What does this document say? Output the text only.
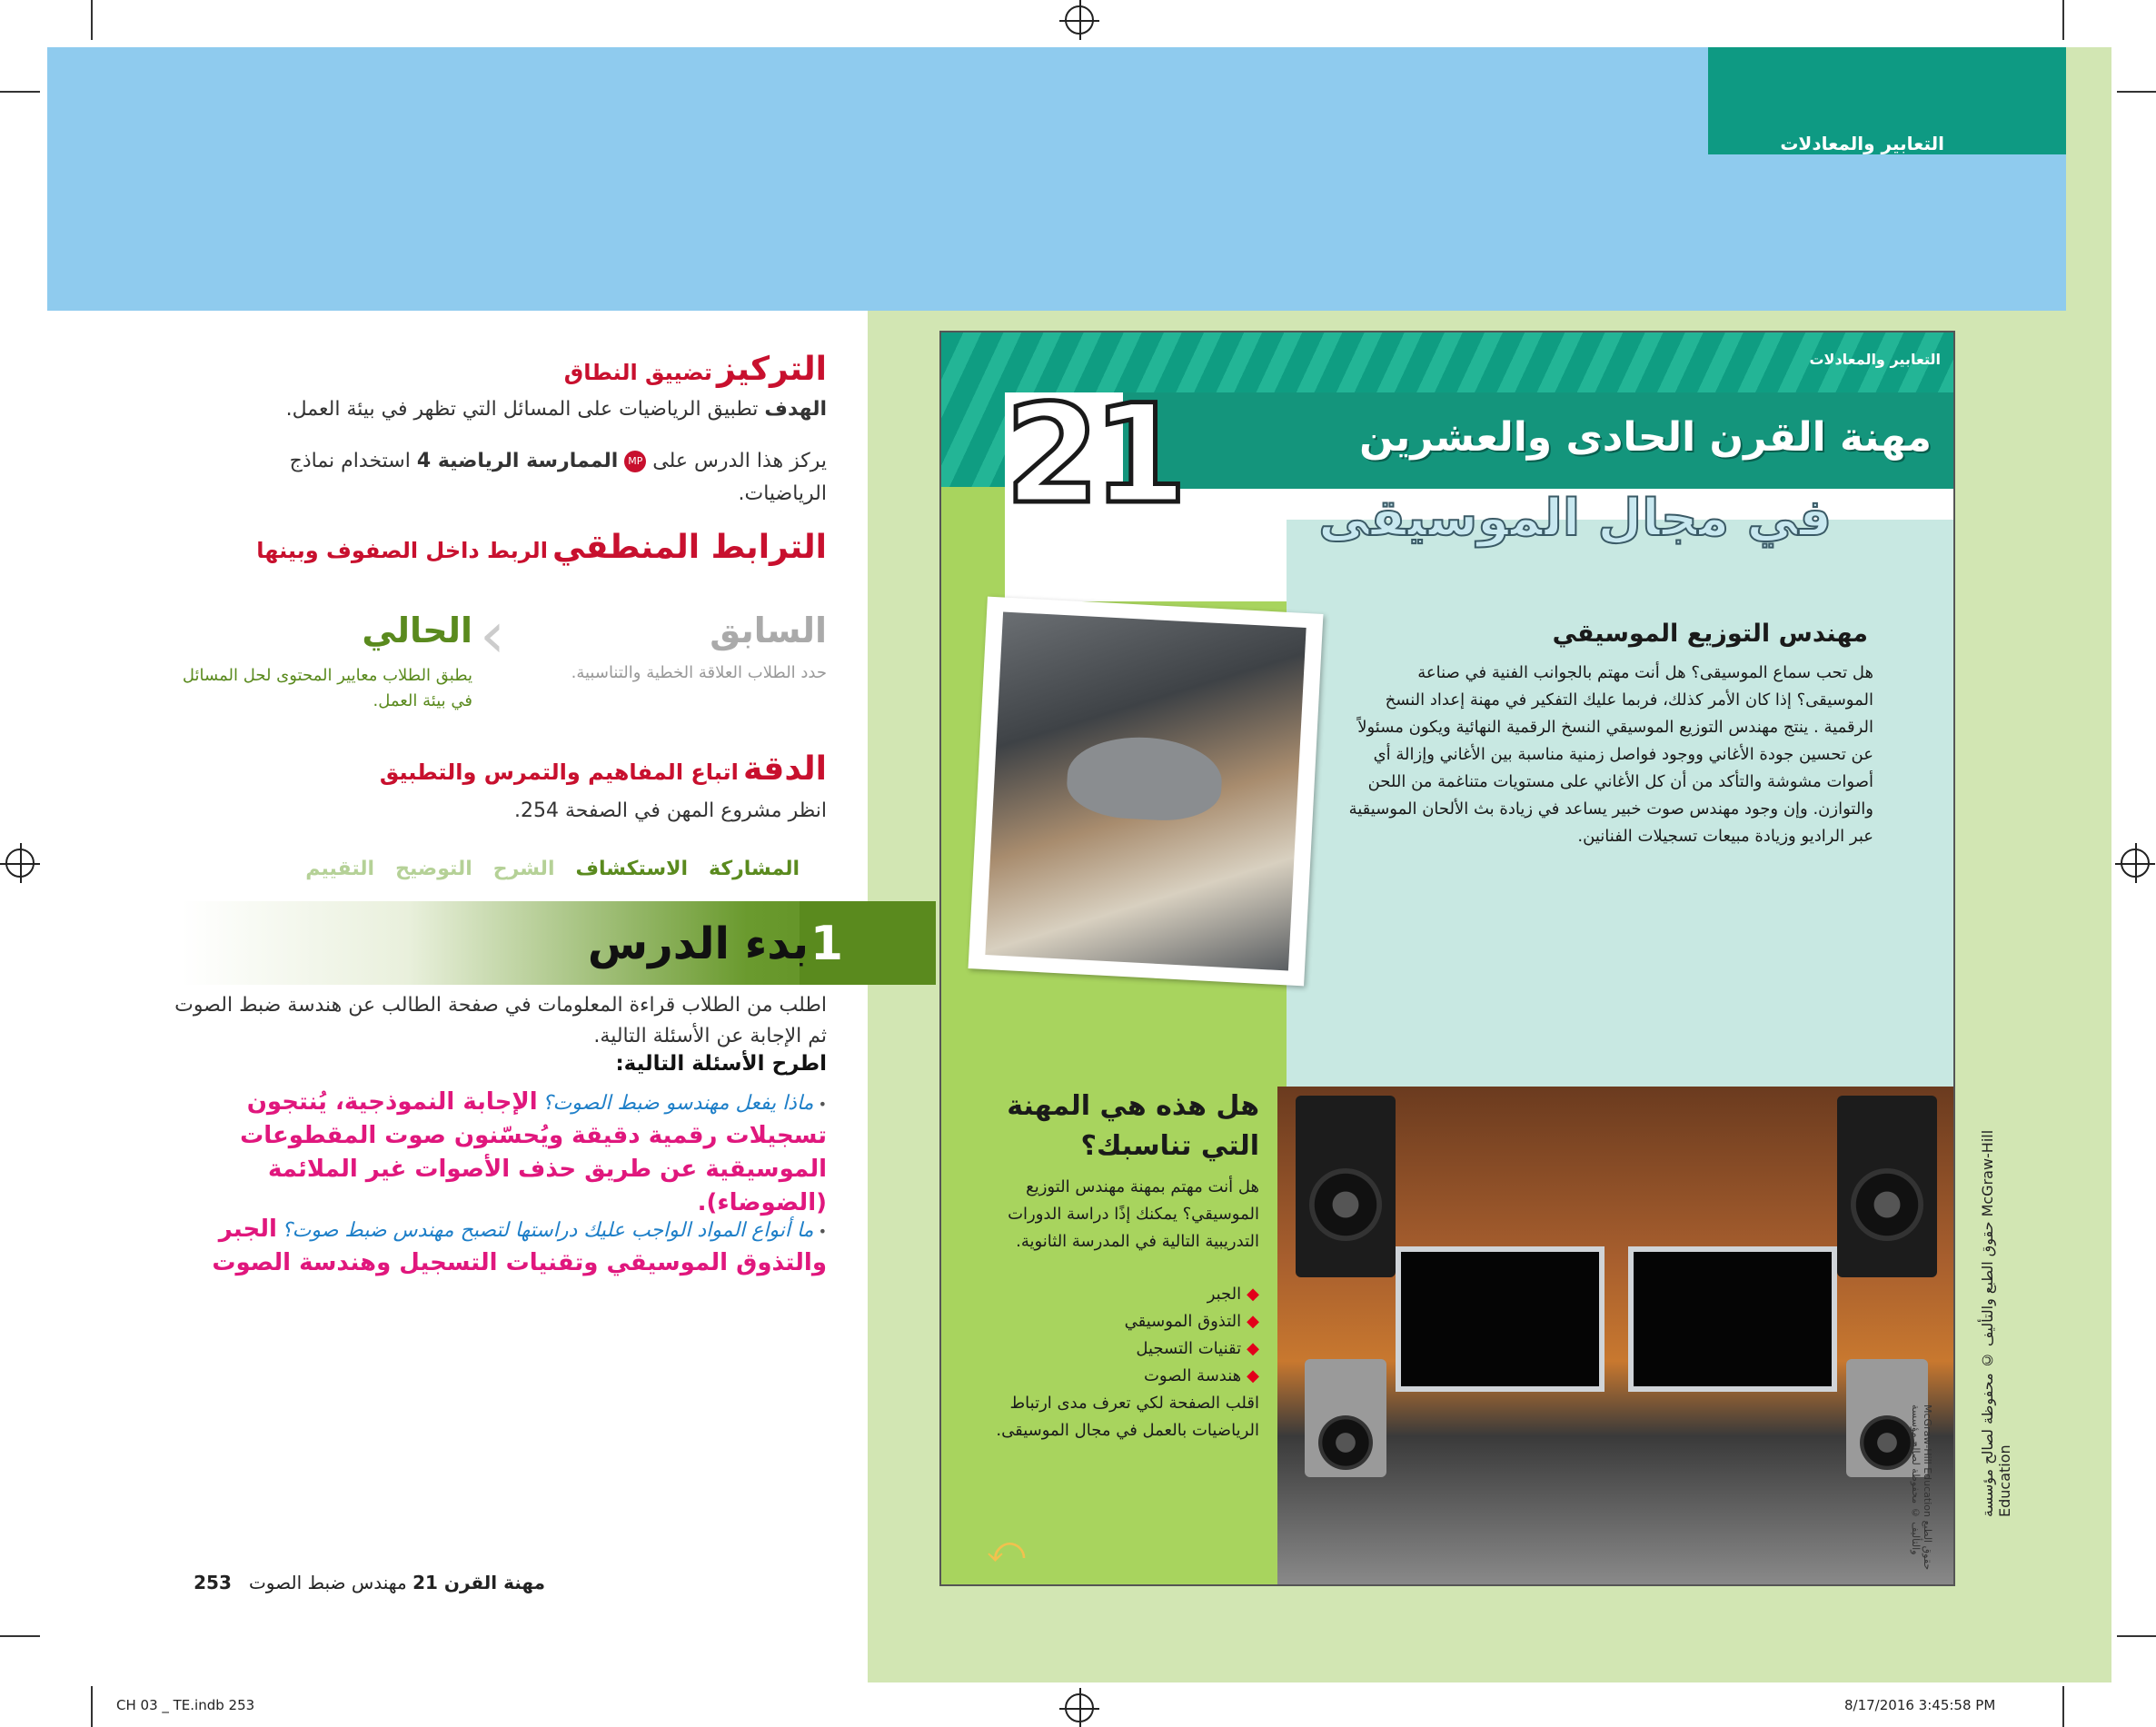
التعابير والمعادلات
التعابير والمعادلات
21	مهنة القرن الحادى والعشرين
في مجال الموسيقى
مهندس التوزيع الموسيقي
هل تحب سماع الموسيقى؟ هل أنت مهتم بالجوانب الفنية في صناعة الموسيقى؟ إذا كان الأمر كذلك، فربما عليك التفكير في مهنة إعداد النسخ الرقمية . ينتج مهندس التوزيع الموسيقي النسخ الرقمية النهائية ويكون مسئولاً عن تحسين جودة الأغاني ووجود فواصل زمنية مناسبة بين الأغاني وإزالة أي أصوات مشوشة والتأكد من أن كل الأغاني على مستويات متناغمة من اللحن والتوازن. وإن وجود مهندس صوت خبير يساعد في زيادة بث الألحان الموسيقية عبر الراديو وزيادة مبيعات تسجيلات الفنانين.
هل هذه هي المهنة التي تناسبك؟
هل أنت مهتم بمهنة مهندس التوزيع الموسيقي؟ يمكنك إذًا دراسة الدورات التدريبية التالية في المدرسة الثانوية.
◆ الجبر
◆ التذوق الموسيقي
◆ تقنيات التسجيل
◆ هندسة الصوت
اقلب الصفحة لكي تعرف مدى ارتباط الرياضيات بالعمل في مجال الموسيقى.	McGraw-Hill Education حقوق الطبع والتأليف © محفوظة لصالح مؤسسة
⤺
حقوق الطبع والتأليف © محفوظة لصالح مؤسسة McGraw-Hill Education
التركيز تضييق النطاق
الهدف تطبيق الرياضيات على المسائل التي تظهر في بيئة العمل.
يركز هذا الدرس على MP الممارسة الرياضية 4 استخدام نماذج الرياضيات.
الترابط المنطقي الربط داخل الصفوف وبينها
السابق
حدد الطلاب العلاقة الخطية والتناسبية.
‹
الحالي
يطبق الطلاب معايير المحتوى لحل المسائل في بيئة العمل.
الدقة اتباع المفاهيم والتمرس والتطبيق
انظر مشروع المهن في الصفحة 254.
المشاركة   الاستكشاف   الشرح   التوضيح   التقييم
1
بدء الدرس
اطلب من الطلاب قراءة المعلومات في صفحة الطالب عن هندسة ضبط الصوت ثم الإجابة عن الأسئلة التالية.
اطرح الأسئلة التالية:
• ماذا يفعل مهندسو ضبط الصوت؟ الإجابة النموذجية، يُنتجون تسجيلات رقمية دقيقة ويُحسّنون صوت المقطوعات الموسيقية عن طريق حذف الأصوات غير الملائمة (الضوضاء).
• ما أنواع المواد الواجب عليك دراستها لتصبح مهندس ضبط صوت؟ الجبر والتذوق الموسيقي وتقنيات التسجيل وهندسة الصوت
مهنة القرن 21 مهندس ضبط الصوت   253
CH 03 _ TE.indb 253	8/17/2016 3:45:58 PM
